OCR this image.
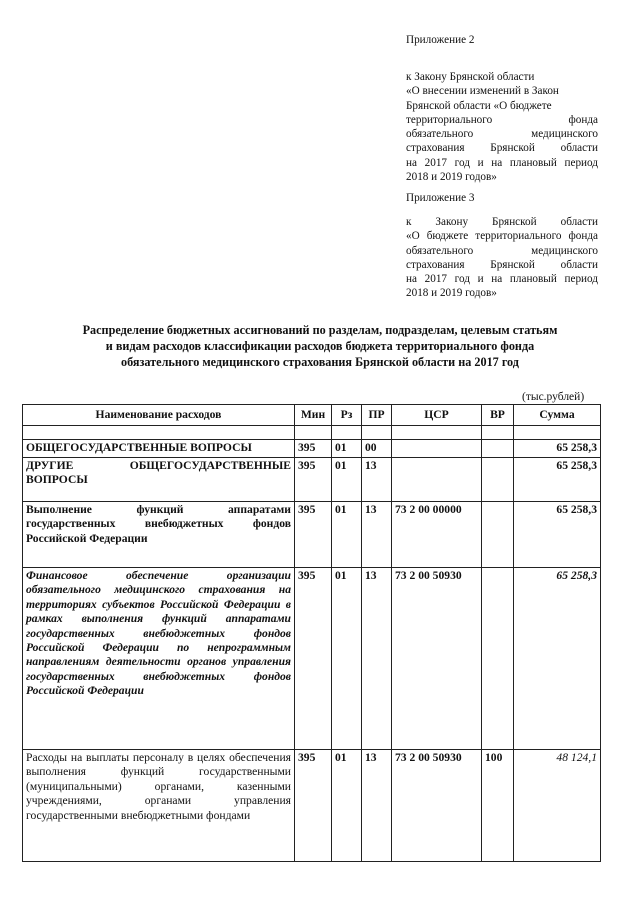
Приложение 2
к Закону Брянской области
«О внесении изменений в Закон
Брянской области «О бюджете
территориального фонда
обязательного медицинского
страхования Брянской области
на 2017 год и на плановый период
2018 и 2019 годов»
Приложение 3
к Закону Брянской области
«О бюджете территориального фонда
обязательного медицинского
страхования Брянской области
на 2017 год и на плановый период
2018 и 2019 годов»
Распределение бюджетных ассигнований по разделам, подразделам, целевым статьям
и видам расходов классификации расходов бюджета территориального фонда
обязательного медицинского страхования Брянской области на 2017 год
(тыс.рублей)
Наименование расходов	Мин	Рз	ПР	ЦСР	ВР	Сумма

ОБЩЕГОСУДАРСТВЕННЫЕ ВОПРОСЫ	395	01	00			65 258,3
ДРУГИЕ ОБЩЕГОСУДАРСТВЕННЫЕ ВОПРОСЫ	395	01	13			65 258,3
Выполнение функций аппаратами государственных внебюджетных фондов Российской Федерации	395	01	13	73 2 00 00000		65 258,3
Финансовое обеспечение организации обязательного медицинского страхования на территориях субъектов Российской Федерации в рамках выполнения функций аппаратами государственных внебюджетных фондов Российской Федерации по непрограммным направлениям деятельности органов управления государственных внебюджетных фондов Российской Федерации	395	01	13	73 2 00 50930		65 258,3
Расходы на выплаты персоналу в целях обеспечения выполнения функций государственными (муниципальными) органами, казенными учреждениями, органами управления государственными внебюджетными фондами	395	01	13	73 2 00 50930	100	48 124,1
